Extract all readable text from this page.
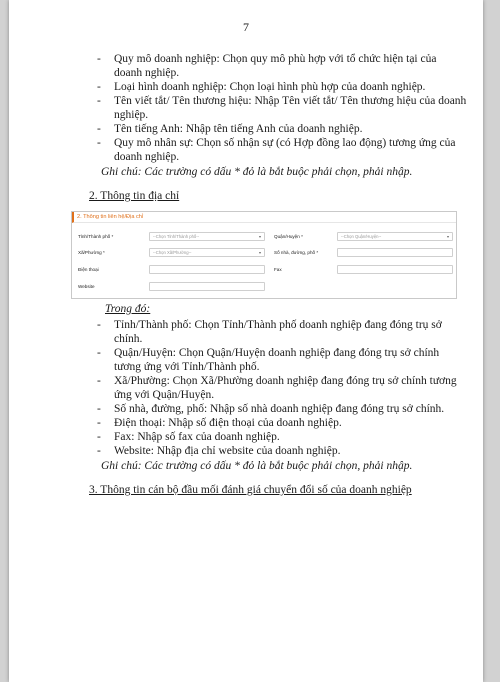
7
- Quy mô doanh nghiệp: Chọn quy mô phù hợp với tổ chức hiện tại của doanh nghiệp.
- Loại hình doanh nghiệp: Chọn loại hình phù hợp của doanh nghiệp.
- Tên viết tắt/ Tên thương hiệu: Nhập Tên viết tắt/ Tên thương hiệu của doanh nghiệp.
- Tên tiếng Anh: Nhập tên tiếng Anh của doanh nghiệp.
- Quy mô nhân sự: Chọn số nhận sự (có Hợp đồng lao động) tương ứng của doanh nghiệp.
Ghi chú: Các trường có dấu * đỏ là bắt buộc phải chọn, phải nhập.
2. Thông tin địa chỉ
2. Thông tin liên hệ/Địa chỉ
Tỉnh/Thành phố *	--Chọn Tỉnh/Thành phố--	▾	Quận/Huyện *	--Chọn Quận/Huyện--	▾
Xã/Phường *	--Chọn Xã/Phường--	▾	Số nhà, đường, phố *
Điện thoại	Fax
Website
Trong đó:
- Tỉnh/Thành phố: Chọn Tỉnh/Thành phố doanh nghiệp đang đóng trụ sở chính.
- Quận/Huyện: Chọn Quận/Huyện doanh nghiệp đang đóng trụ sở chính tương ứng với Tỉnh/Thành phố.
- Xã/Phường: Chọn Xã/Phường doanh nghiệp đang đóng trụ sở chính tương ứng với Quận/Huyện.
- Số nhà, đường, phố: Nhập số nhà doanh nghiệp đang đóng trụ sở chính.
- Điện thoại: Nhập số điện thoại của doanh nghiệp.
- Fax: Nhập số fax của doanh nghiệp.
- Website: Nhập địa chỉ website của doanh nghiệp.
Ghi chú: Các trường có dấu * đỏ là bắt buộc phải chọn, phải nhập.
3. Thông tin cán bộ đầu mối đánh giá chuyển đổi số của doanh nghiệp
